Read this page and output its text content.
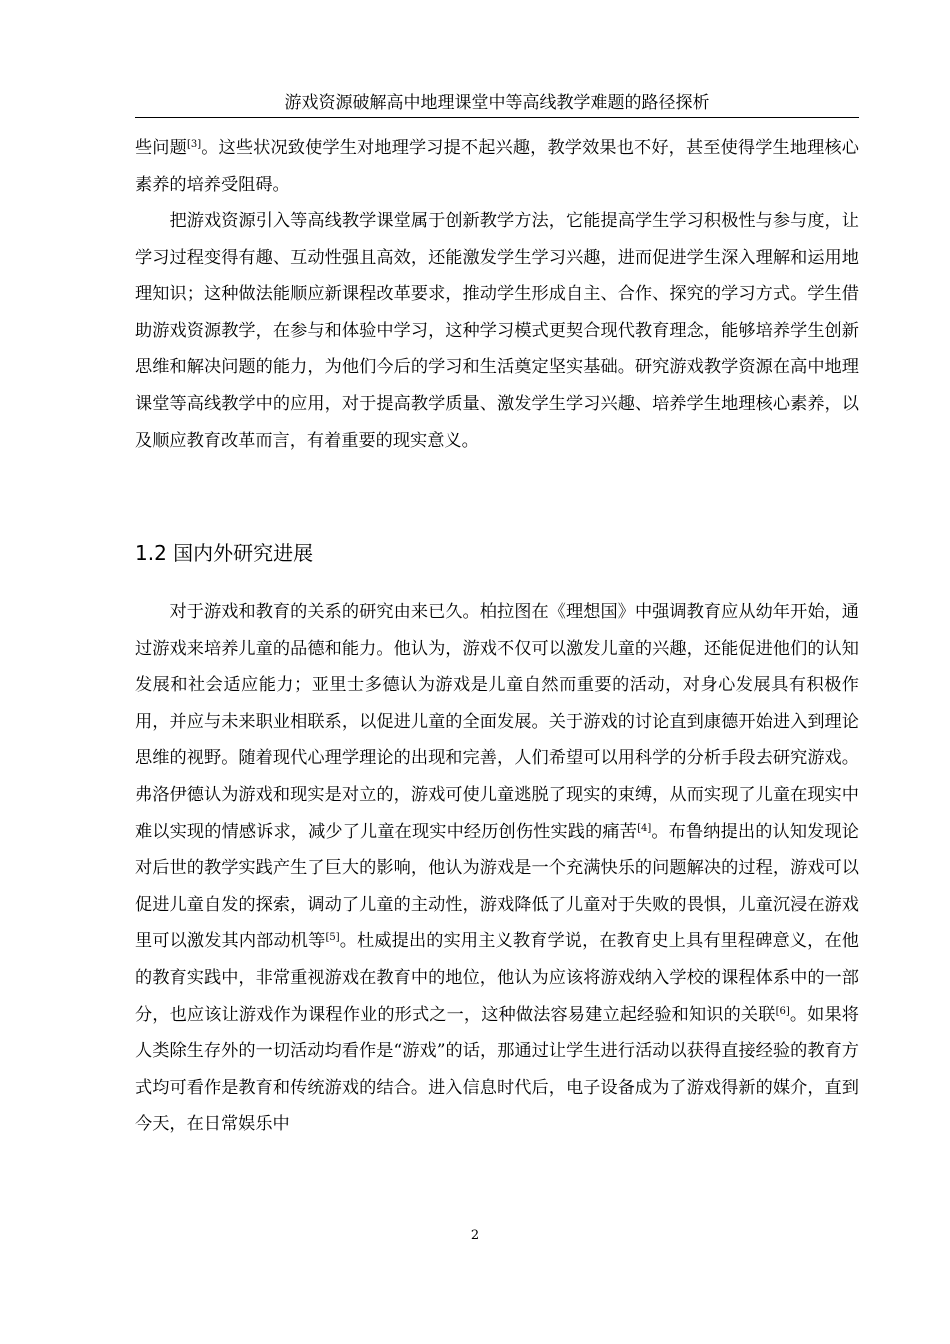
游戏资源破解高中地理课堂中等高线教学难题的路径探析

些问题[3]。这些状况致使学生对地理学习提不起兴趣，教学效果也不好，甚至使得学生地理核心素养的培养受阻碍。

把游戏资源引入等高线教学课堂属于创新教学方法，它能提高学生学习积极性与参与度，让学习过程变得有趣、互动性强且高效，还能激发学生学习兴趣，进而促进学生深入理解和运用地理知识；这种做法能顺应新课程改革要求，推动学生形成自主、合作、探究的学习方式。学生借助游戏资源教学，在参与和体验中学习，这种学习模式更契合现代教育理念，能够培养学生创新思维和解决问题的能力，为他们今后的学习和生活奠定坚实基础。研究游戏教学资源在高中地理课堂等高线教学中的应用，对于提高教学质量、激发学生学习兴趣、培养学生地理核心素养，以及顺应教育改革而言，有着重要的现实意义。

1.2 国内外研究进展

对于游戏和教育的关系的研究由来已久。柏拉图在《理想国》中强调教育应从幼年开始，通过游戏来培养儿童的品德和能力。他认为，游戏不仅可以激发儿童的兴趣，还能促进他们的认知发展和社会适应能力；亚里士多德认为游戏是儿童自然而重要的活动，对身心发展具有积极作用，并应与未来职业相联系，以促进儿童的全面发展。关于游戏的讨论直到康德开始进入到理论思维的视野。随着现代心理学理论的出现和完善，人们希望可以用科学的分析手段去研究游戏。弗洛伊德认为游戏和现实是对立的，游戏可使儿童逃脱了现实的束缚，从而实现了儿童在现实中难以实现的情感诉求，减少了儿童在现实中经历创伤性实践的痛苦[4]。布鲁纳提出的认知发现论对后世的教学实践产生了巨大的影响，他认为游戏是一个充满快乐的问题解决的过程，游戏可以促进儿童自发的探索，调动了儿童的主动性，游戏降低了儿童对于失败的畏惧，儿童沉浸在游戏里可以激发其内部动机等[5]。杜威提出的实用主义教育学说，在教育史上具有里程碑意义，在他的教育实践中，非常重视游戏在教育中的地位，他认为应该将游戏纳入学校的课程体系中的一部分，也应该让游戏作为课程作业的形式之一，这种做法容易建立起经验和知识的关联[6]。如果将人类除生存外的一切活动均看作是“游戏”的话，那通过让学生进行活动以获得直接经验的教育方式均可看作是教育和传统游戏的结合。进入信息时代后，电子设备成为了游戏得新的媒介，直到今天，在日常娱乐中

2
